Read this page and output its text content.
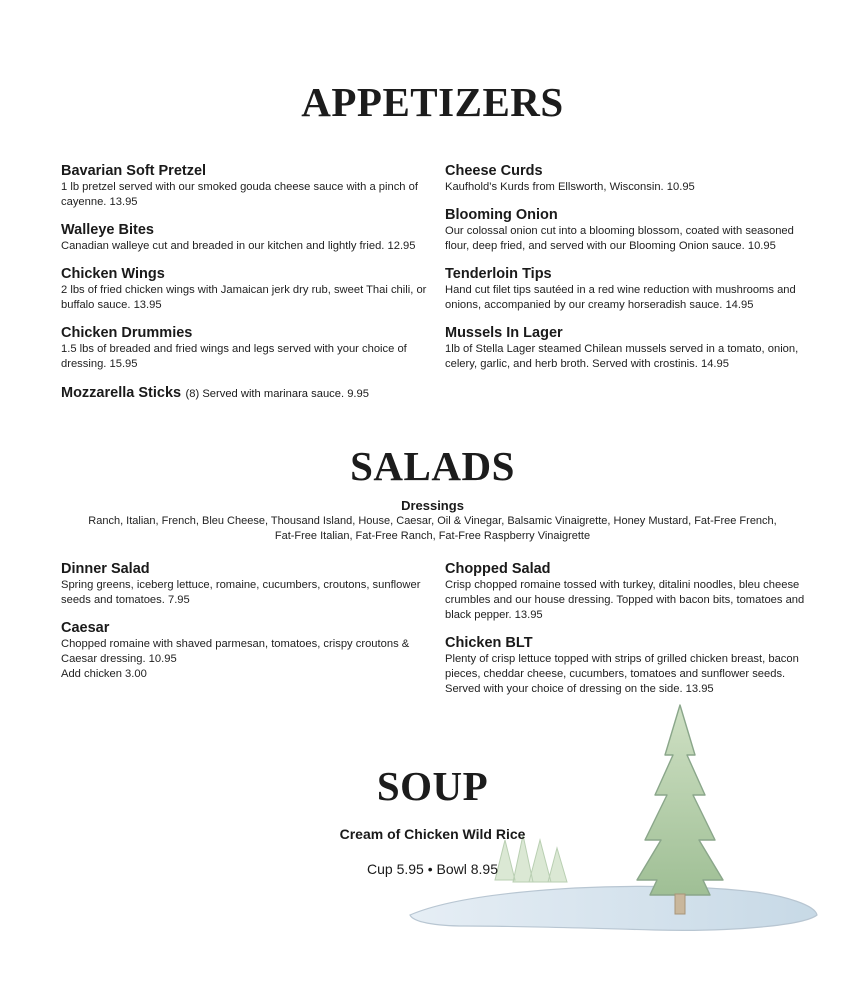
APPETIZERS
Bavarian Soft Pretzel
1 lb pretzel served with our smoked gouda cheese sauce with a pinch of cayenne. 13.95
Walleye Bites
Canadian walleye cut and breaded in our kitchen and lightly fried. 12.95
Chicken Wings
2 lbs of fried chicken wings with Jamaican jerk dry rub, sweet Thai chili, or buffalo sauce. 13.95
Chicken Drummies
1.5 lbs of breaded and fried wings and legs served with your choice of dressing. 15.95
Mozzarella Sticks (8) Served with marinara sauce. 9.95
Cheese Curds
Kaufhold’s Kurds from Ellsworth, Wisconsin. 10.95
Blooming Onion
Our colossal onion cut into a blooming blossom, coated with seasoned flour, deep fried, and served with our Blooming Onion sauce. 10.95
Tenderloin Tips
Hand cut filet tips sautéed in a red wine reduction with mushrooms and onions, accompanied by our creamy horseradish sauce. 14.95
Mussels In Lager
1lb of Stella Lager steamed Chilean mussels served in a tomato, onion, celery, garlic, and herb broth. Served with crostinis. 14.95
SALADS
Dressings
Ranch, Italian, French, Bleu Cheese, Thousand Island, House, Caesar, Oil & Vinegar, Balsamic Vinaigrette, Honey Mustard, Fat-Free French,
Fat-Free Italian, Fat-Free Ranch, Fat-Free Raspberry Vinaigrette
Dinner Salad
Spring greens, iceberg lettuce, romaine, cucumbers, croutons, sunflower seeds and tomatoes. 7.95
Caesar
Chopped romaine with shaved parmesan, tomatoes, crispy croutons & Caesar dressing. 10.95
Add chicken 3.00
Chopped Salad
Crisp chopped romaine tossed with turkey, ditalini noodles, bleu cheese crumbles and our house dressing. Topped with bacon bits, tomatoes and black pepper. 13.95
Chicken BLT
Plenty of crisp lettuce topped with strips of grilled chicken breast, bacon pieces, cheddar cheese, cucumbers, tomatoes and sunflower seeds. Served with your choice of dressing on the side. 13.95
SOUP
Cream of Chicken Wild Rice
Cup 5.95 • Bowl 8.95
